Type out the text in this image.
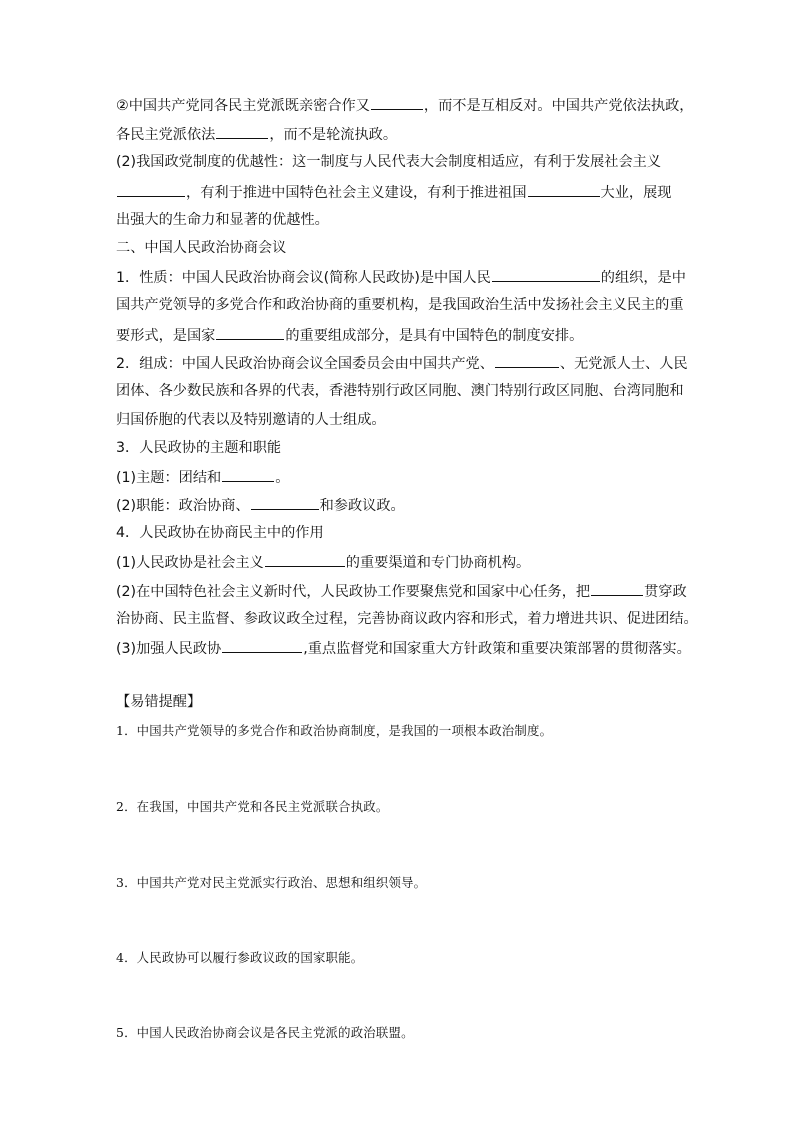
②中国共产党同各民主党派既亲密合作又	，而不是互相反对。中国共产党依法执政，
各民主党派依法	，而不是轮流执政。
(2)我国政党制度的优越性：这一制度与人民代表大会制度相适应，有利于发展社会主义
，有利于推进中国特色社会主义建设，有利于推进祖国	大业，展现
出强大的生命力和显著的优越性。
二、中国人民政治协商会议
1．性质：中国人民政治协商会议(简称人民政协)是中国人民	的组织，是中
国共产党领导的多党合作和政治协商的重要机构，是我国政治生活中发扬社会主义民主的重
要形式，是国家	的重要组成部分，是具有中国特色的制度安排。
2．组成：中国人民政治协商会议全国委员会由中国共产党、	、无党派人士、人民
团体、各少数民族和各界的代表，香港特别行政区同胞、澳门特别行政区同胞、台湾同胞和
归国侨胞的代表以及特别邀请的人士组成。
3．人民政协的主题和职能
(1)主题：团结和	。
(2)职能：政治协商、	和参政议政。
4．人民政协在协商民主中的作用
(1)人民政协是社会主义	的重要渠道和专门协商机构。
(2)在中国特色社会主义新时代，人民政协工作要聚焦党和国家中心任务，把	贯穿政
治协商、民主监督、参政议政全过程，完善协商议政内容和形式，着力增进共识、促进团结。
(3)加强人民政协	,重点监督党和国家重大方针政策和重要决策部署的贯彻落实。
【易错提醒】
1．中国共产党领导的多党合作和政治协商制度，是我国的一项根本政治制度。
2．在我国，中国共产党和各民主党派联合执政。
3．中国共产党对民主党派实行政治、思想和组织领导。
4．人民政协可以履行参政议政的国家职能。
5．中国人民政治协商会议是各民主党派的政治联盟。
